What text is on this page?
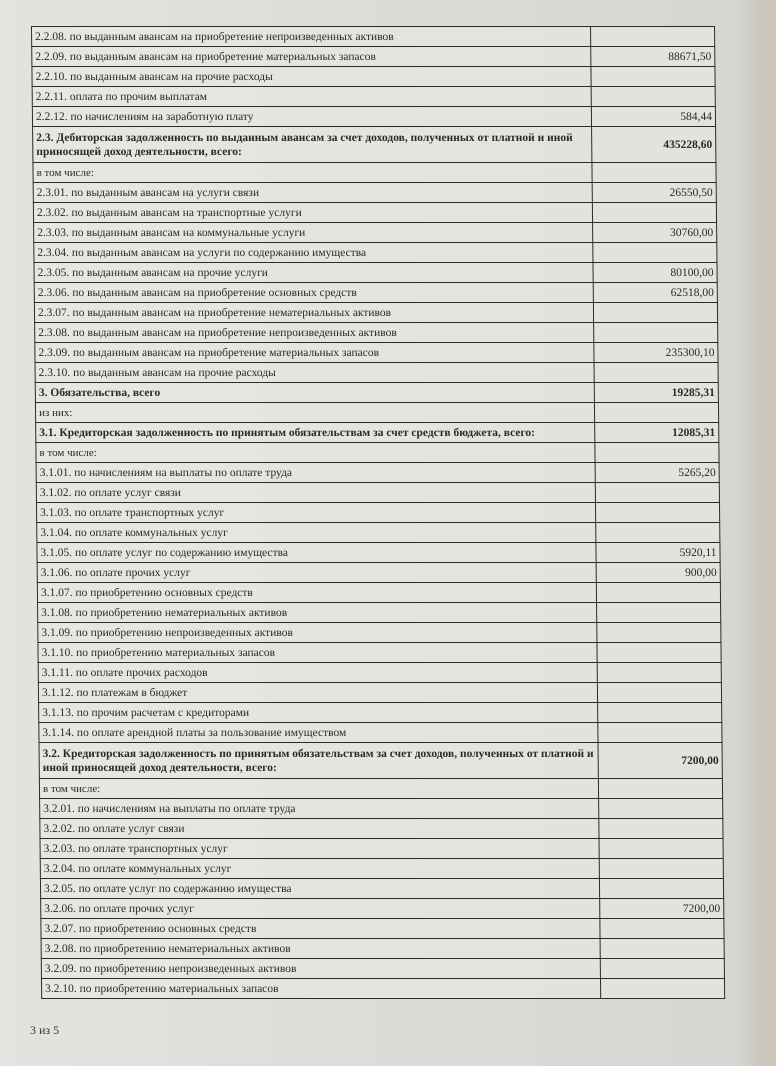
2.2.08. по выданным авансам на приобретение непроизведенных активов	
2.2.09. по выданным авансам на приобретение материальных запасов	88671,50
2.2.10. по выданным авансам на прочие расходы	
2.2.11. оплата по прочим выплатам	
2.2.12. по начислениям на заработную плату	584,44
2.3. Дебиторская задолженность по выданным авансам за счет доходов, полученных от платной и иной приносящей доход деятельности, всего:	435228,60
в том числе:	
2.3.01. по выданным авансам на услуги связи	26550,50
2.3.02. по выданным авансам на транспортные услуги	
2.3.03. по выданным авансам на коммунальные услуги	30760,00
2.3.04. по выданным авансам на услуги по содержанию имущества	
2.3.05. по выданным авансам на прочие услуги	80100,00
2.3.06. по выданным авансам на приобретение основных средств	62518,00
2.3.07. по выданным авансам на приобретение нематериальных активов	
2.3.08. по выданным авансам на приобретение непроизведенных активов	
2.3.09. по выданным авансам на приобретение материальных запасов	235300,10
2.3.10. по выданным авансам на прочие расходы	
3. Обязательства, всего	19285,31
из них:	
3.1. Кредиторская задолженность по принятым обязательствам за счет средств бюджета, всего:	12085,31
в том числе:	
3.1.01. по начислениям на выплаты по оплате труда	5265,20
3.1.02. по оплате услуг связи	
3.1.03. по оплате транспортных услуг	
3.1.04. по оплате коммунальных услуг	
3.1.05. по оплате услуг по содержанию имущества	5920,11
3.1.06. по оплате прочих услуг	900,00
3.1.07. по приобретению основных средств	
3.1.08. по приобретению нематериальных активов	
3.1.09. по приобретению непроизведенных активов	
3.1.10. по приобретению материальных запасов	
3.1.11. по оплате прочих расходов	
3.1.12. по платежам в бюджет	
3.1.13. по прочим расчетам с кредиторами	
3.1.14. по оплате арендной платы за пользование имуществом	
3.2. Кредиторская задолженность по принятым обязательствам за счет доходов, полученных от платной и иной приносящей доход деятельности, всего:	7200,00
в том числе:	
3.2.01. по начислениям на выплаты по оплате труда	
3.2.02. по оплате услуг связи	
3.2.03. по оплате транспортных услуг	
3.2.04. по оплате коммунальных услуг	
3.2.05. по оплате услуг по содержанию имущества	
3.2.06. по оплате прочих услуг	7200,00
3.2.07. по приобретению основных средств	
3.2.08. по приобретению нематериальных активов	
3.2.09. по приобретению непроизведенных активов	
3.2.10. по приобретению материальных запасов	
3 из 5
